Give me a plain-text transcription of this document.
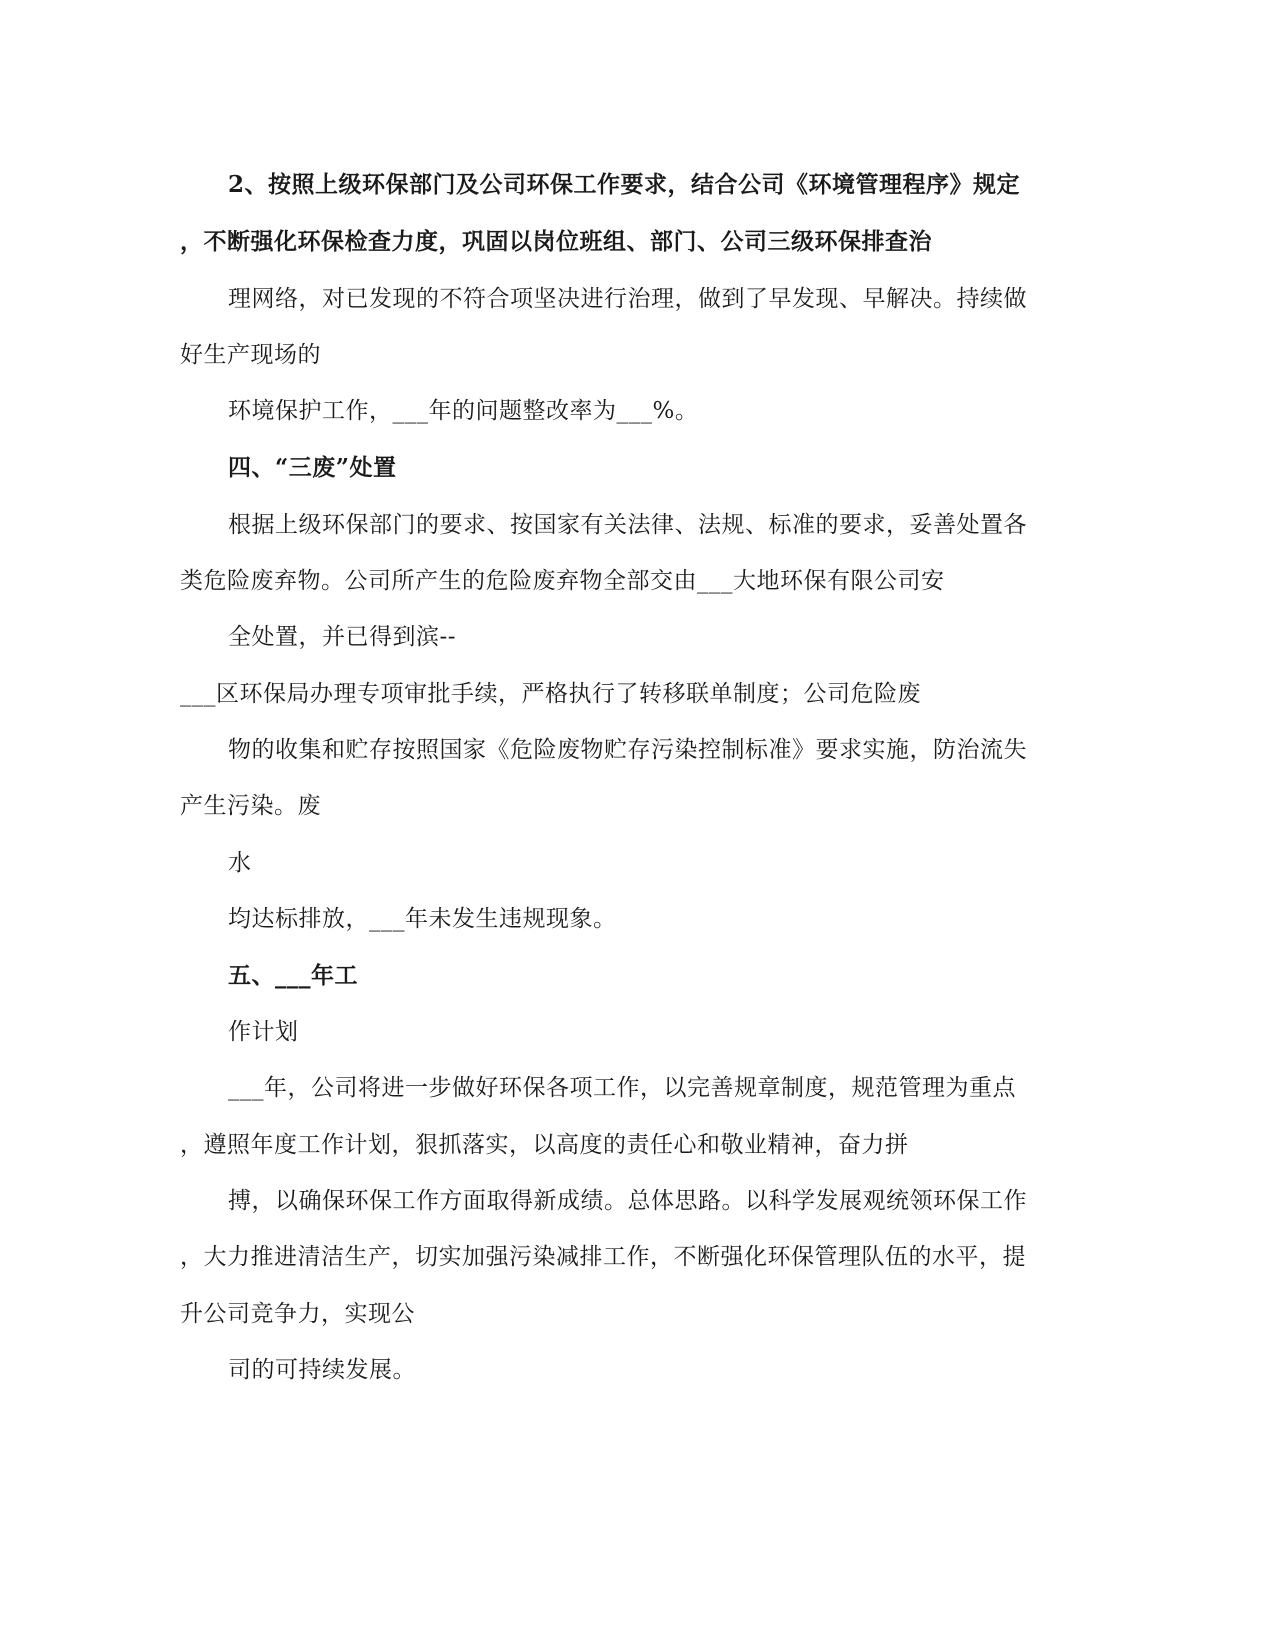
2、按照上级环保部门及公司环保工作要求，结合公司《环境管理程序》规定
，不断强化环保检查力度，巩固以岗位班组、部门、公司三级环保排查治
理网络，对已发现的不符合项坚决进行治理，做到了早发现、早解决。持续做
好生产现场的
环境保护工作，___年的问题整改率为___%。
四、“三废”处置
根据上级环保部门的要求、按国家有关法律、法规、标准的要求，妥善处置各
类危险废弃物。公司所产生的危险废弃物全部交由___大地环保有限公司安
全处置，并已得到滨--
___区环保局办理专项审批手续，严格执行了转移联单制度；公司危险废
物的收集和贮存按照国家《危险废物贮存污染控制标准》要求实施，防治流失
产生污染。废
水
均达标排放，___年未发生违规现象。
五、___年工
作计划
___年，公司将进一步做好环保各项工作，以完善规章制度，规范管理为重点
，遵照年度工作计划，狠抓落实，以高度的责任心和敬业精神，奋力拼
搏，以确保环保工作方面取得新成绩。总体思路。以科学发展观统领环保工作
，大力推进清洁生产，切实加强污染减排工作，不断强化环保管理队伍的水平，提
升公司竞争力，实现公
司的可持续发展。
